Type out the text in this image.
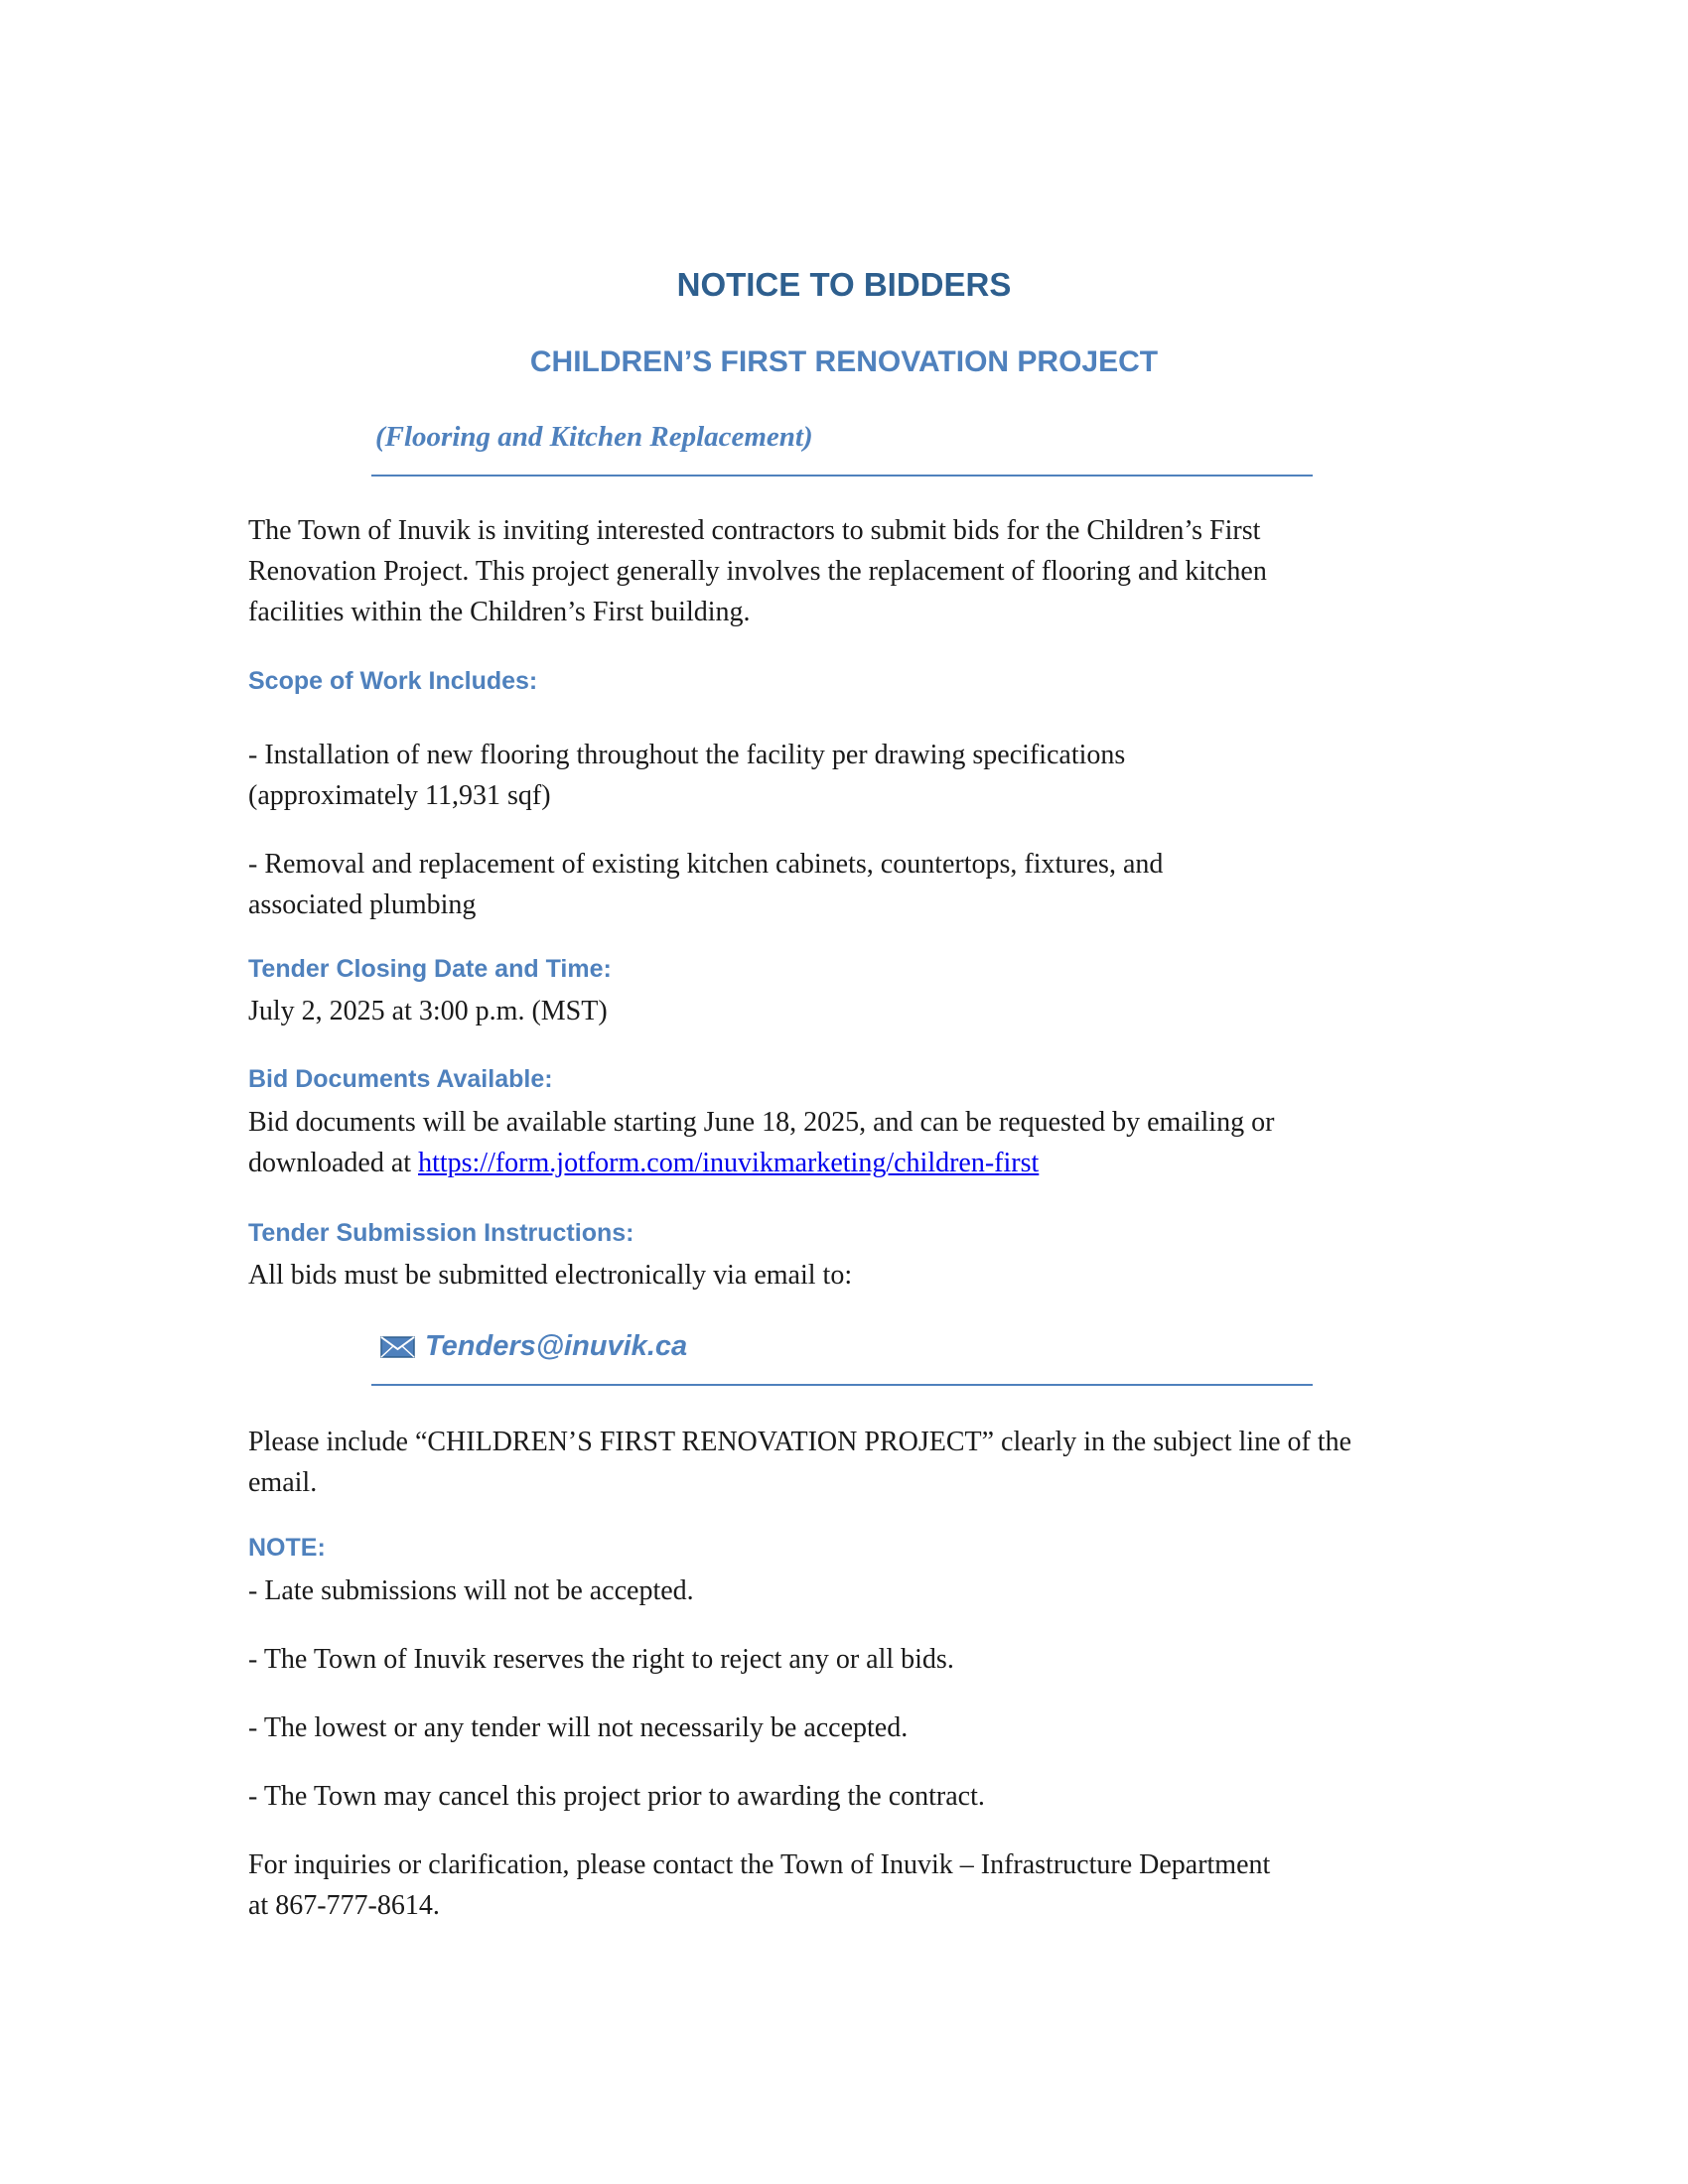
NOTICE TO BIDDERS
CHILDREN’S FIRST RENOVATION PROJECT
(Flooring and Kitchen Replacement)

The Town of Inuvik is inviting interested contractors to submit bids for the Children’s First
Renovation Project. This project generally involves the replacement of flooring and kitchen
facilities within the Children’s First building.

Scope of Work Includes:

- Installation of new flooring throughout the facility per drawing specifications
(approximately 11,931 sqf)

- Removal and replacement of existing kitchen cabinets, countertops, fixtures, and
associated plumbing

Tender Closing Date and Time:

July 2, 2025 at 3:00 p.m. (MST)

Bid Documents Available:

Bid documents will be available starting June 18, 2025, and can be requested by emailing or
downloaded at https://form.jotform.com/inuvikmarketing/children-first

Tender Submission Instructions:

All bids must be submitted electronically via email to:

Tenders@inuvik.ca

Please include “CHILDREN’S FIRST RENOVATION PROJECT” clearly in the subject line of the
email.

NOTE:

- Late submissions will not be accepted.

- The Town of Inuvik reserves the right to reject any or all bids.

- The lowest or any tender will not necessarily be accepted.

- The Town may cancel this project prior to awarding the contract.

For inquiries or clarification, please contact the Town of Inuvik – Infrastructure Department
at 867-777-8614.
